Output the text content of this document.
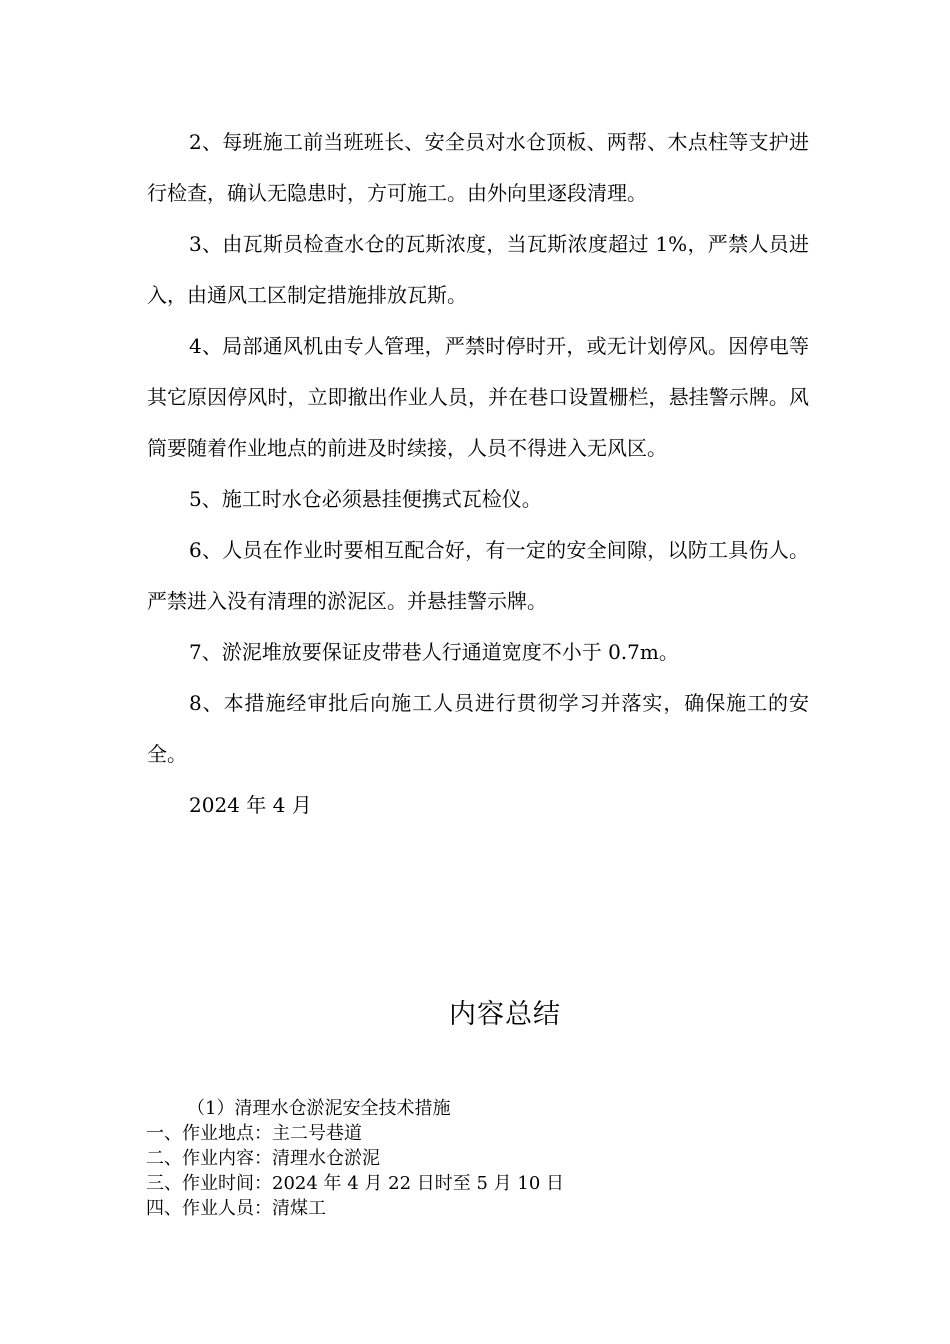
2、每班施工前当班班长、安全员对水仓顶板、两帮、木点柱等支护进行检查，确认无隐患时，方可施工。由外向里逐段清理。

3、由瓦斯员检查水仓的瓦斯浓度，当瓦斯浓度超过 1%，严禁人员进入，由通风工区制定措施排放瓦斯。

4、局部通风机由专人管理，严禁时停时开，或无计划停风。因停电等其它原因停风时，立即撤出作业人员，并在巷口设置栅栏，悬挂警示牌。风筒要随着作业地点的前进及时续接，人员不得进入无风区。

5、施工时水仓必须悬挂便携式瓦检仪。

6、人员在作业时要相互配合好，有一定的安全间隙，以防工具伤人。严禁进入没有清理的淤泥区。并悬挂警示牌。

7、淤泥堆放要保证皮带巷人行通道宽度不小于 0.7m。

8、本措施经审批后向施工人员进行贯彻学习并落实，确保施工的安全。

2024 年 4 月

内容总结
（1）清理水仓淤泥安全技术措施
一、作业地点：主二号巷道
二、作业内容：清理水仓淤泥
三、作业时间：2024 年 4 月 22 日时至 5 月 10 日
四、作业人员：清煤工
